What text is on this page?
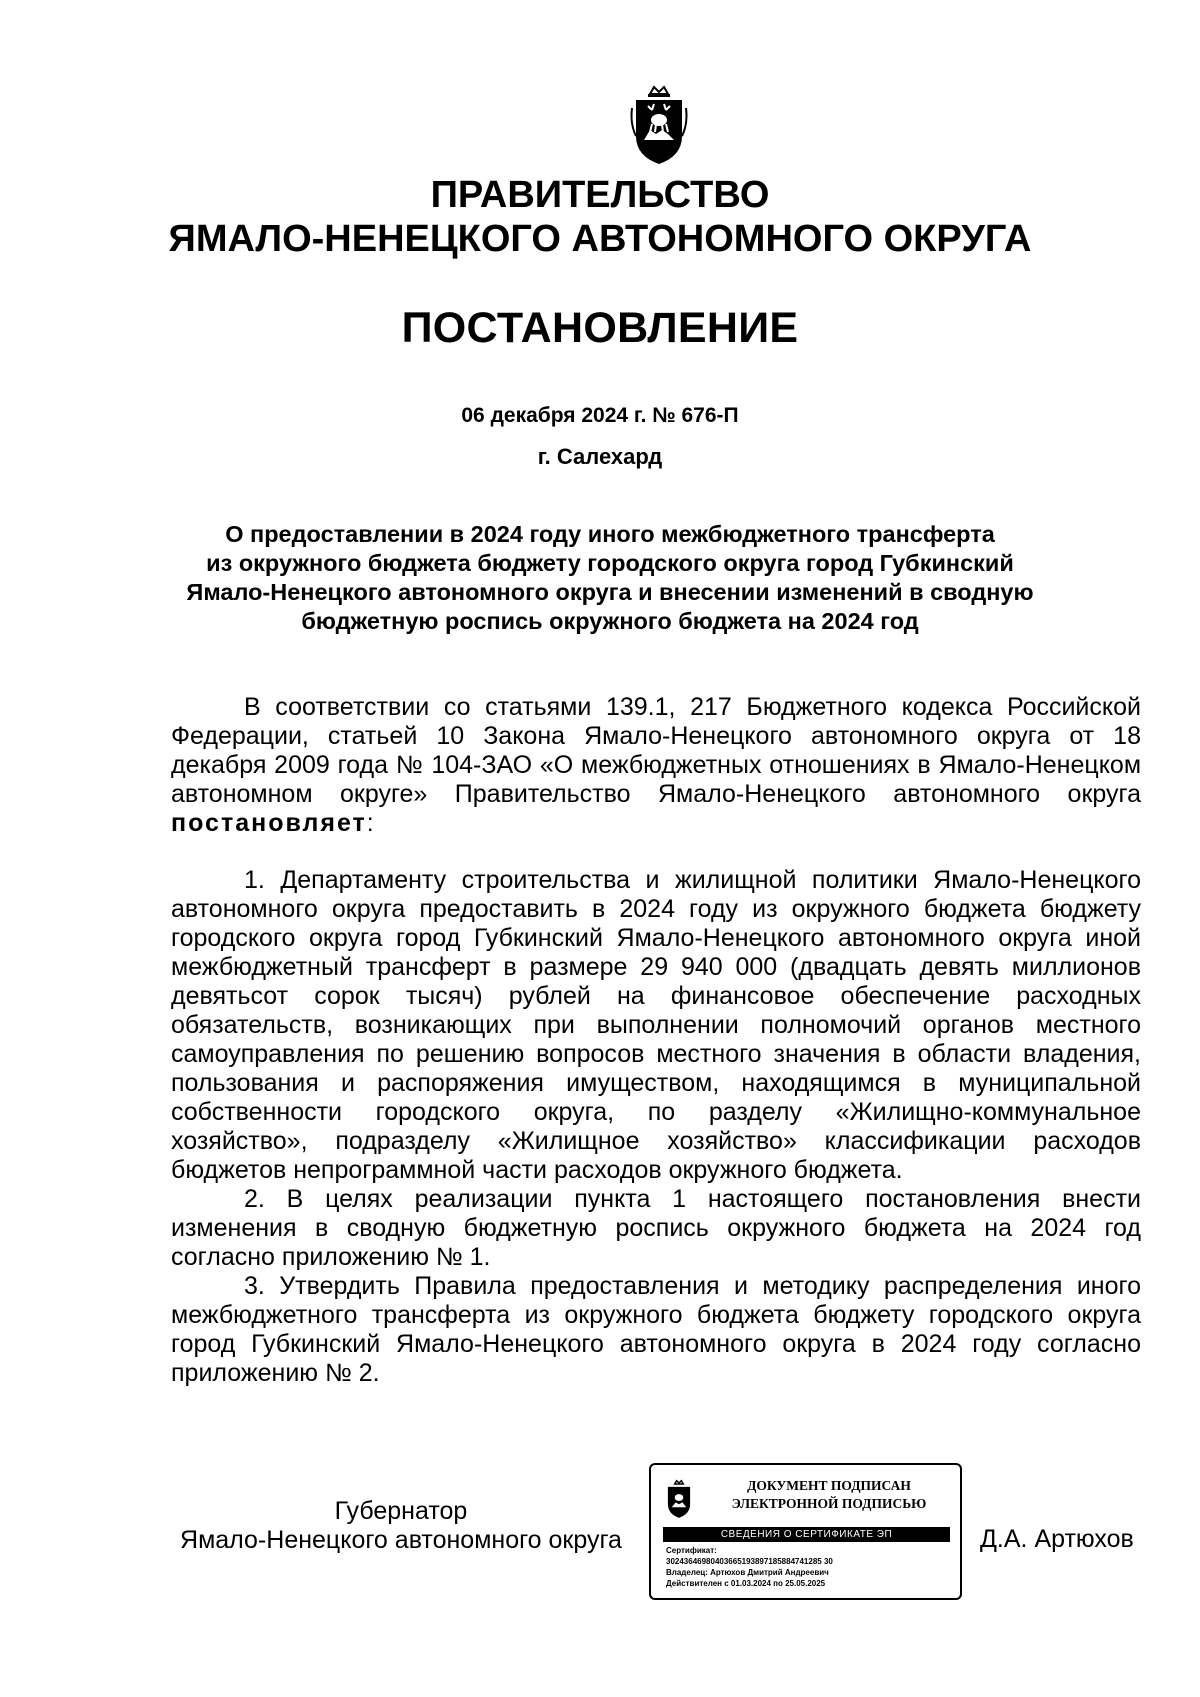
ПРАВИТЕЛЬСТВО
ЯМАЛО-НЕНЕЦКОГО АВТОНОМНОГО ОКРУГА
ПОСТАНОВЛЕНИЕ
06 декабря 2024 г. № 676-П
г. Салехард
О предоставлении в 2024 году иного межбюджетного трансферта
из окружного бюджета бюджету городского округа город Губкинский
Ямало-Ненецкого автономного округа и внесении изменений в сводную
бюджетную роспись окружного бюджета на 2024 год

В соответствии со статьями 139.1, 217 Бюджетного кодекса Российской Федерации, статьей 10 Закона Ямало-Ненецкого автономного округа от 18 декабря 2009 года № 104-ЗАО «О межбюджетных отношениях в Ямало-Ненецком автономном округе» Правительство Ямало-Ненецкого автономного округа постановляет:

1. Департаменту строительства и жилищной политики Ямало-Ненецкого автономного округа предоставить в 2024 году из окружного бюджета бюджету городского округа город Губкинский Ямало-Ненецкого автономного округа иной межбюджетный трансферт в размере 29 940 000 (двадцать девять миллионов девятьсот сорок тысяч) рублей на финансовое обеспечение расходных обязательств, возникающих при выполнении полномочий органов местного самоуправления по решению вопросов местного значения в области владения, пользования и распоряжения имуществом, находящимся в муниципальной собственности городского округа, по разделу «Жилищно-коммунальное хозяйство», подразделу «Жилищное хозяйство» классификации расходов бюджетов непрограммной части расходов окружного бюджета.

2. В целях реализации пункта 1 настоящего постановления внести изменения в сводную бюджетную роспись окружного бюджета на 2024 год согласно приложению № 1.

3. Утвердить Правила предоставления и методику распределения иного межбюджетного трансферта из окружного бюджета бюджету городского округа город Губкинский Ямало-Ненецкого автономного округа в 2024 году согласно приложению № 2.

Губернатор
Ямало-Ненецкого автономного округа
ДОКУМЕНТ ПОДПИСАН
ЭЛЕКТРОННОЙ ПОДПИСЬЮ
СВЕДЕНИЯ О СЕРТИФИКАТЕ ЭП
Сертификат:
30243646980403665193897185884741285 30
Владелец: Артюхов Дмитрий Андреевич
Действителен с 01.03.2024 по 25.05.2025
Д.А. Артюхов
